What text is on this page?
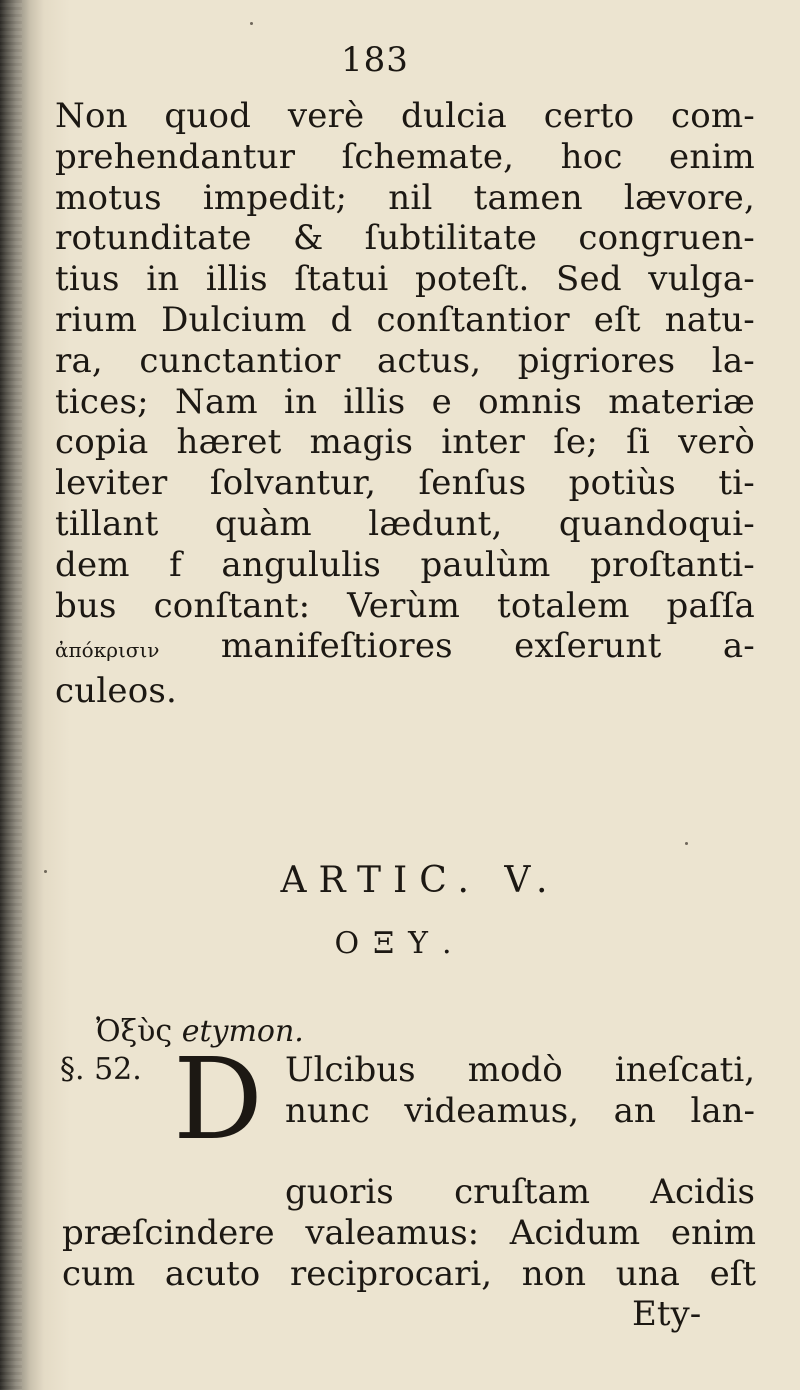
183
Non quod verè dulcia certo com-
prehendantur ſchemate, hoc enim
motus impedit; nil tamen lævore,
rotunditate & ſubtilitate congruen-
tius in illis ſtatui poteſt. Sed vulga-
rium Dulcium d conſtantior eſt natu-
ra, cunctantior actus, pigriores la-
tices; Nam in illis e omnis materiæ
copia hæret magis inter ſe; ſi verò
leviter ſolvantur, ſenſus potiùs ti-
tillant quàm lædunt, quandoqui-
dem f angululis paulùm proſtanti-
bus conſtant: Verùm totalem paſſa
ἀπόκρισιν manifeſtiores exſerunt a-
culeos.
ARTIC. V.
ΟΞΥ.
Ὀξὺς etymon.
§. 52. D Ulcibus modò ineſcati,
nunc videamus, an lan-
guoris cruſtam Acidis
præſcindere valeamus: Acidum enim
cum acuto reciprocari, non una eſt
Ety-
